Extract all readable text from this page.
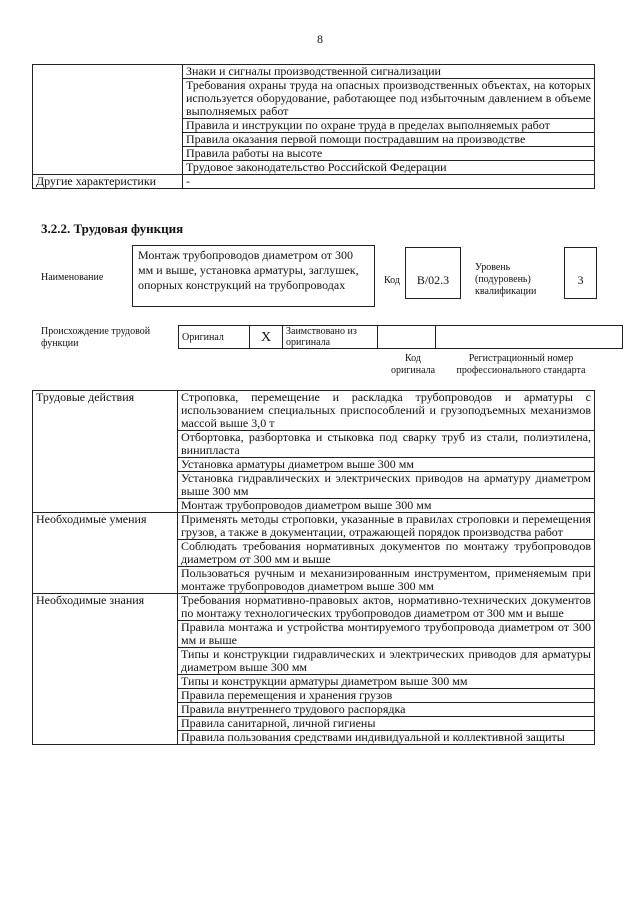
8
	Знаки и сигналы производственной сигнализации
	Требования охраны труда на опасных производственных объектах, на которых используется оборудование, работающее под избыточным давлением в объеме выполняемых работ
	Правила и инструкции по охране труда в пределах выполняемых работ
	Правила оказания первой помощи пострадавшим на производстве
	Правила работы на высоте
	Трудовое законодательство Российской Федерации
Другие характеристики	-
3.2.2. Трудовая функция
Наименование
Монтаж трубопроводов диаметром от 300 мм и выше, установка арматуры, заглушек, опорных конструкций на трубопроводах	Код	В/02.3
Уровень (подуровень) квалификации
3
Происхождение трудовой функции
Оригинал	X	Заимствовано из оригинала		
Код оригинала
Регистрационный номер профессионального стандарта
Трудовые действия	Строповка, перемещение и раскладка трубопроводов и арматуры с использованием специальных приспособлений и грузоподъемных механизмов массой выше 3,0 т
	Отбортовка, разбортовка и стыковка под сварку труб из стали, полиэтилена, винипласта
	Установка арматуры диаметром выше 300 мм
	Установка гидравлических и электрических приводов на арматуру диаметром выше 300 мм
	Монтаж трубопроводов диаметром выше 300 мм
Необходимые умения	Применять методы строповки, указанные в правилах строповки и перемещения грузов, а также в документации, отражающей порядок производства работ
	Соблюдать требования нормативных документов по монтажу трубопроводов диаметром от 300 мм и выше
	Пользоваться ручным и механизированным инструментом, применяемым при монтаже трубопроводов диаметром выше 300 мм
Необходимые знания	Требования нормативно-правовых актов, нормативно-технических документов по монтажу технологических трубопроводов диаметром от 300 мм и выше
	Правила монтажа и устройства монтируемого трубопровода диаметром от 300 мм и выше
	Типы и конструкции гидравлических и электрических приводов для арматуры диаметром выше 300 мм
	Типы и конструкции арматуры диаметром выше 300 мм
	Правила перемещения и хранения грузов
	Правила внутреннего трудового распорядка
	Правила санитарной, личной гигиены
	Правила пользования средствами индивидуальной и коллективной защиты
